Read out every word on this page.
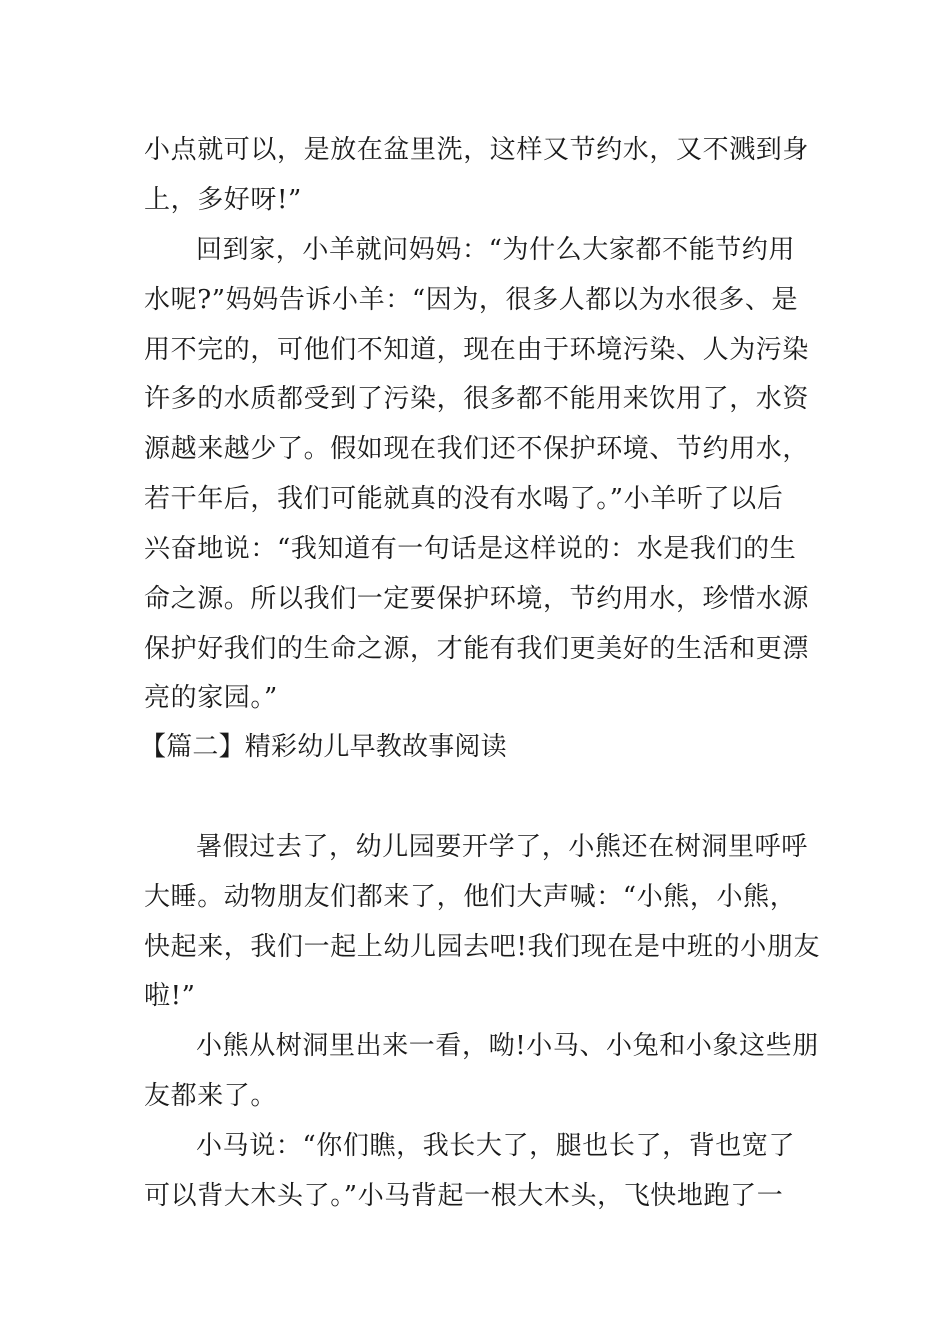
小点就可以，是放在盆里洗，这样又节约水，又不溅到身
上，多好呀!”
回到家，小羊就问妈妈：“为什么大家都不能节约用
水呢?”妈妈告诉小羊：“因为，很多人都以为水很多、是
用不完的，可他们不知道，现在由于环境污染、人为污染
许多的水质都受到了污染，很多都不能用来饮用了，水资
源越来越少了。假如现在我们还不保护环境、节约用水，
若干年后，我们可能就真的没有水喝了。”小羊听了以后
兴奋地说：“我知道有一句话是这样说的：水是我们的生
命之源。所以我们一定要保护环境，节约用水，珍惜水源
保护好我们的生命之源，才能有我们更美好的生活和更漂
亮的家园。”
【篇二】精彩幼儿早教故事阅读
暑假过去了，幼儿园要开学了，小熊还在树洞里呼呼
大睡。动物朋友们都来了，他们大声喊：“小熊，小熊，
快起来，我们一起上幼儿园去吧!我们现在是中班的小朋友
啦!”
小熊从树洞里出来一看，呦!小马、小兔和小象这些朋
友都来了。
小马说：“你们瞧，我长大了，腿也长了，背也宽了
可以背大木头了。”小马背起一根大木头，飞快地跑了一
